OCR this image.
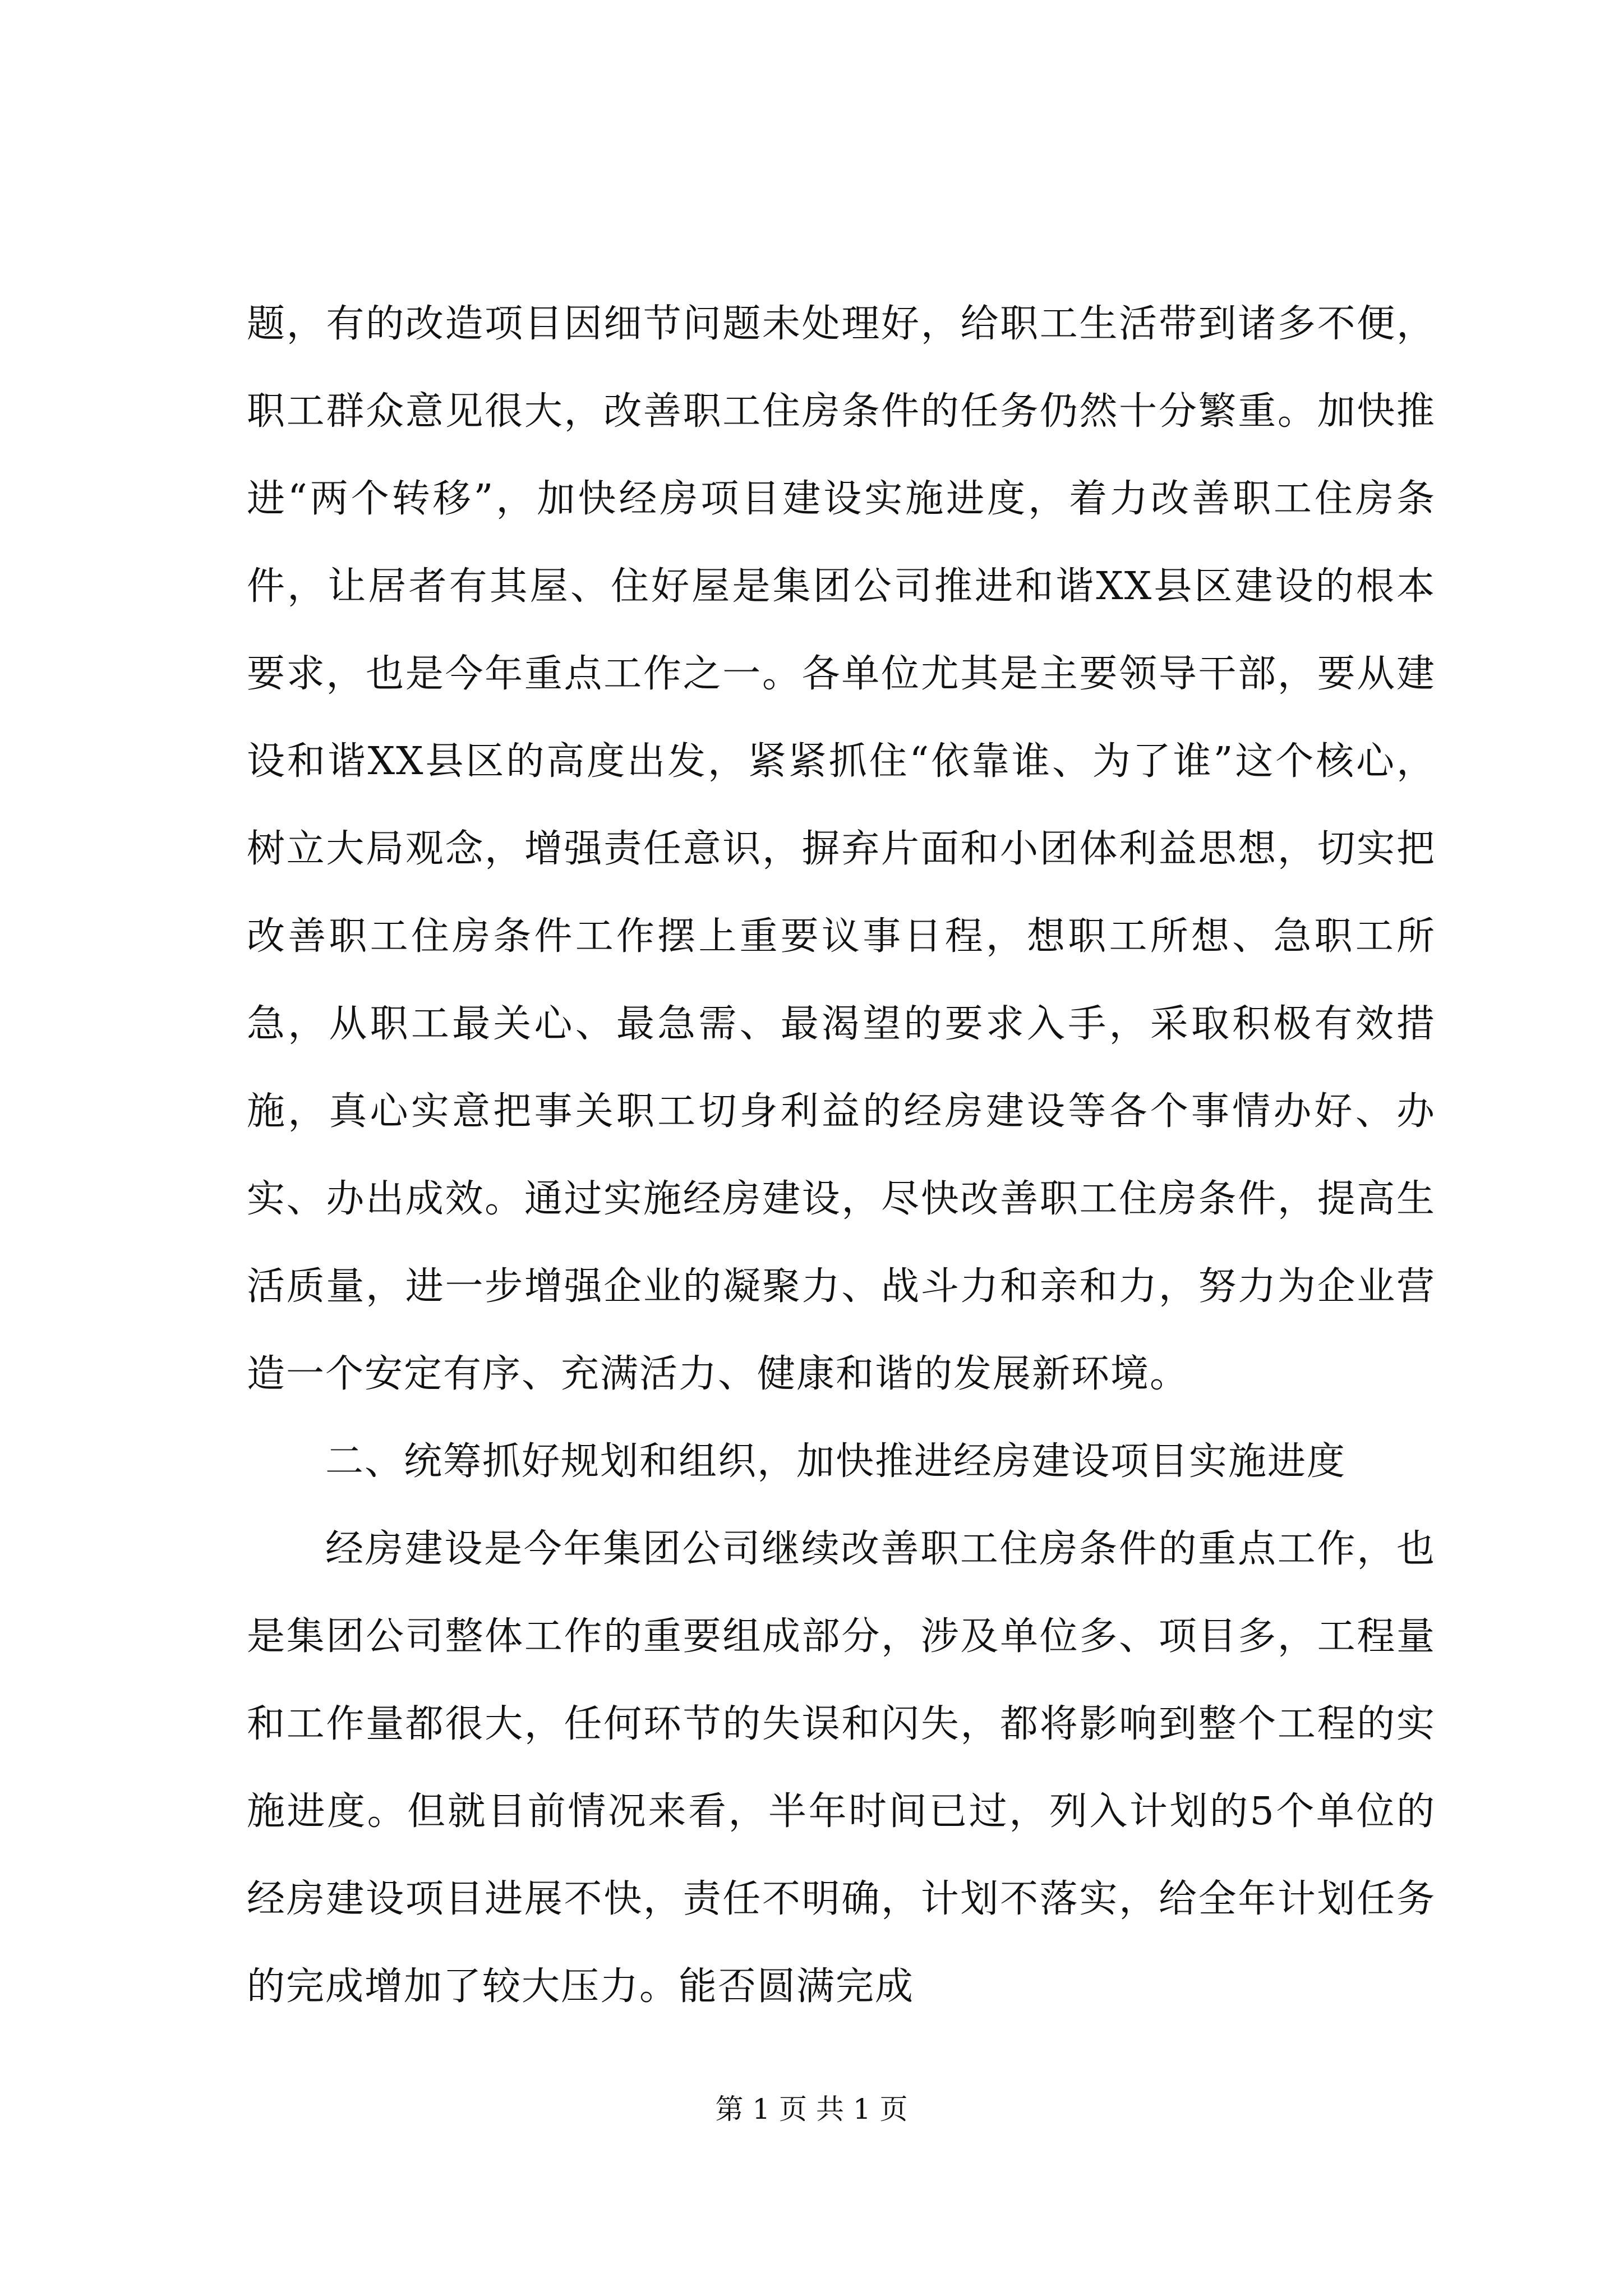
题，有的改造项目因细节问题未处理好，给职工生活带到诸多不便，职工群众意见很大，改善职工住房条件的任务仍然十分繁重。加快推进“两个转移”，加快经房项目建设实施进度，着力改善职工住房条件，让居者有其屋、住好屋是集团公司推进和谐XX县区建设的根本要求，也是今年重点工作之一。各单位尤其是主要领导干部，要从建设和谐XX县区的高度出发，紧紧抓住“依靠谁、为了谁”这个核心，树立大局观念，增强责任意识，摒弃片面和小团体利益思想，切实把改善职工住房条件工作摆上重要议事日程，想职工所想、急职工所急，从职工最关心、最急需、最渴望的要求入手，采取积极有效措施，真心实意把事关职工切身利益的经房建设等各个事情办好、办实、办出成效。通过实施经房建设，尽快改善职工住房条件，提高生活质量，进一步增强企业的凝聚力、战斗力和亲和力，努力为企业营造一个安定有序、充满活力、健康和谐的发展新环境。

二、统筹抓好规划和组织，加快推进经房建设项目实施进度

经房建设是今年集团公司继续改善职工住房条件的重点工作，也是集团公司整体工作的重要组成部分，涉及单位多、项目多，工程量和工作量都很大，任何环节的失误和闪失，都将影响到整个工程的实施进度。但就目前情况来看，半年时间已过，列入计划的5个单位的经房建设项目进展不快，责任不明确，计划不落实，给全年计划任务的完成增加了较大压力。能否圆满完成

第 1 页 共 1 页
